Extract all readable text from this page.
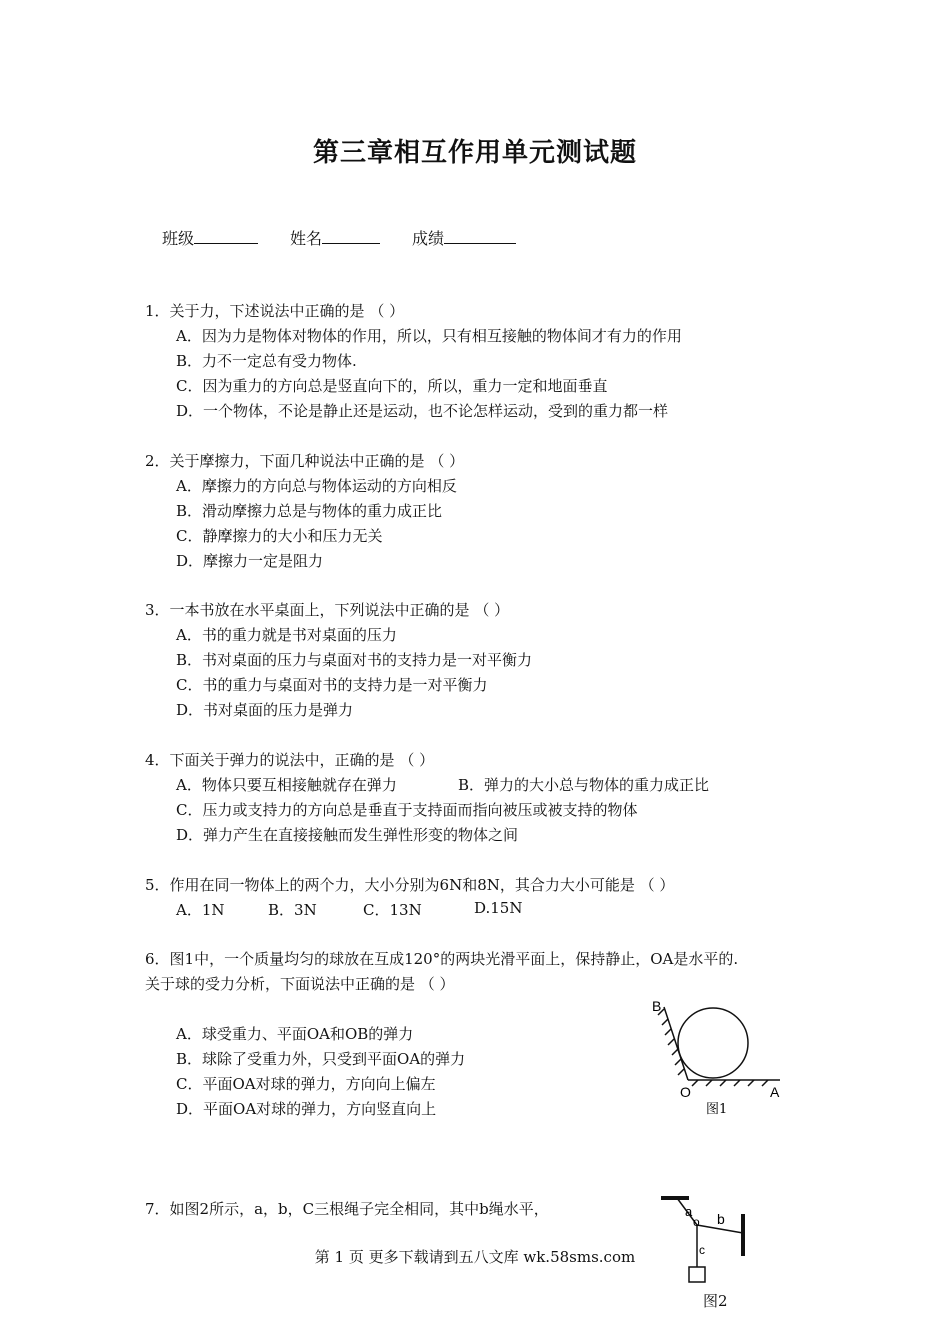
第三章相互作用单元测试题
班级	姓名	成绩
1．关于力，下述说法中正确的是 （ ）
A．因为力是物体对物体的作用，所以，只有相互接触的物体间才有力的作用
B．力不一定总有受力物体.
C．因为重力的方向总是竖直向下的，所以，重力一定和地面垂直
D．一个物体，不论是静止还是运动，也不论怎样运动，受到的重力都一样
2．关于摩擦力，下面几种说法中正确的是 （ ）
A．摩擦力的方向总与物体运动的方向相反
B．滑动摩擦力总是与物体的重力成正比
C．静摩擦力的大小和压力无关
D．摩擦力一定是阻力
3．一本书放在水平桌面上，下列说法中正确的是 （ ）
A．书的重力就是书对桌面的压力
B．书对桌面的压力与桌面对书的支持力是一对平衡力
C．书的重力与桌面对书的支持力是一对平衡力
D．书对桌面的压力是弹力
4．下面关于弹力的说法中，正确的是 （ ）
A．物体只要互相接触就存在弹力	B．弹力的大小总与物体的重力成正比
C．压力或支持力的方向总是垂直于支持面而指向被压或被支持的物体
D．弹力产生在直接接触而发生弹性形变的物体之间
5．作用在同一物体上的两个力，大小分别为6N和8N，其合力大小可能是 （ ）
A．1N	B．3N	C．13N	D.15N
6．图1中，一个质量均匀的球放在互成120°的两块光滑平面上，保持静止，OA是水平的.
关于球的受力分析，下面说法中正确的是 （ ）
A．球受重力、平面OA和OB的弹力
B．球除了受重力外，只受到平面OA的弹力
C．平面OA对球的弹力，方向向上偏左
D．平面OA对球的弹力，方向竖直向上
B
O	A
图1
7．如图2所示，a，b，C三根绳子完全相同，其中b绳水平，	a
o b
c
图2
第 1 页 更多下载请到五八文库 wk.58sms.com
